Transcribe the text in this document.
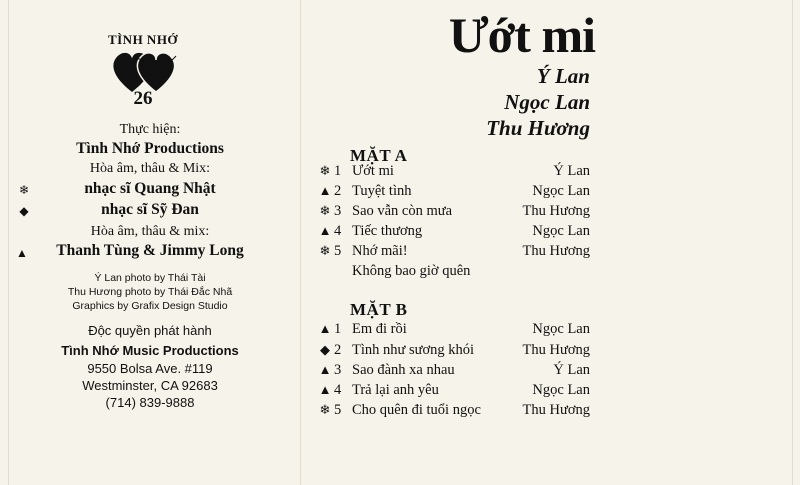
TÌNH NHỚ
26
Thực hiện:
Tình Nhớ Productions
Hòa âm, thâu & Mix:
❄	nhạc sĩ Quang Nhật
◆	nhạc sĩ Sỹ Đan
Hòa âm, thâu & mix:
▲	Thanh Tùng & Jimmy Long
Ý Lan photo by Thái Tài
Thu Hương photo by Thái Đắc Nhã
Graphics by Grafix Design Studio
Độc quyền phát hành
Tình Nhớ Music Productions
9550 Bolsa Ave. #119
Westminster, CA 92683
(714) 839-9888
Ướt mi
Ý Lan
Ngọc Lan
Thu Hương
MẶT A
❄ 1 Ướt mi	Ý Lan
▲ 2 Tuyệt tình	Ngọc Lan
❄ 3 Sao vẫn còn mưa	Thu Hương
▲ 4 Tiếc thương	Ngọc Lan
❄ 5 Nhớ mãi!	Thu Hương
Không bao giờ quên
MẶT B
▲ 1 Em đi rồi	Ngọc Lan
◆ 2 Tình như sương khói	Thu Hương
▲ 3 Sao đành xa nhau	Ý Lan
▲ 4 Trả lại anh yêu	Ngọc Lan
❄ 5 Cho quên đi tuổi ngọc	Thu Hương
